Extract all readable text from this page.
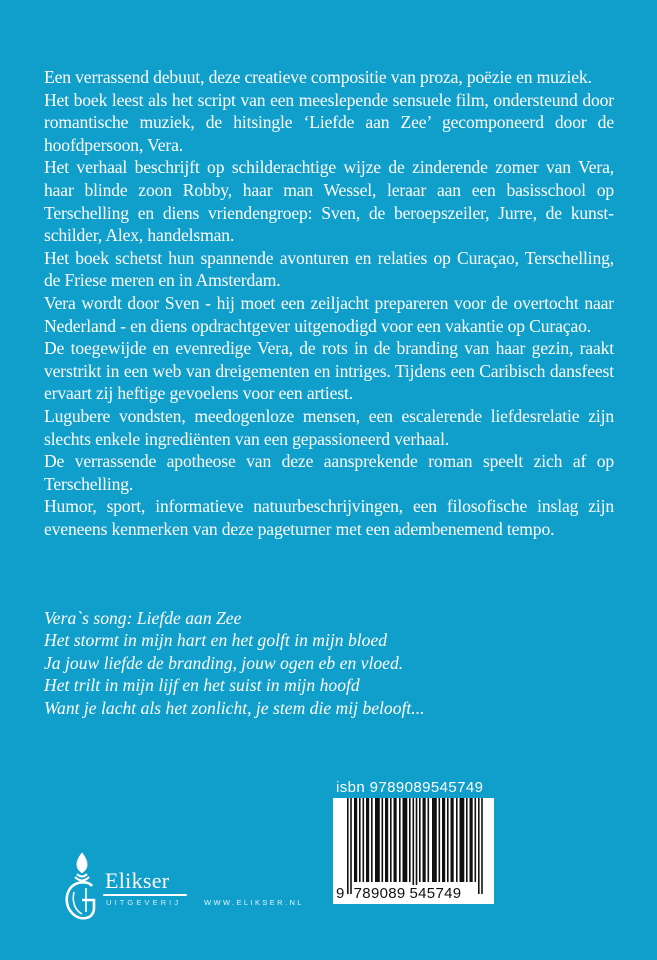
Een verrassend debuut, deze creatieve compositie van proza, poëzie en muziek.

Het boek leest als het script van een meeslepende sensuele film, ondersteund door romantische muziek, de hitsingle ‘Liefde aan Zee’ gecomponeerd door de hoofdpersoon, Vera.

Het verhaal beschrijft op schilderachtige wijze de zinderende zomer van Vera, haar blinde zoon Robby, haar man Wessel, leraar aan een basisschool op Terschelling en diens vriendengroep: Sven, de beroepszeiler, Jurre, de kunstschilder, Alex, handelsman.

Het boek schetst hun spannende avonturen en relaties op Curaçao, Terschelling, de Friese meren en in Amsterdam.

Vera wordt door Sven - hij moet een zeiljacht prepareren voor de overtocht naar Nederland - en diens opdrachtgever uitgenodigd voor een vakantie op Curaçao.

De toegewijde en evenredige Vera, de rots in de branding van haar gezin, raakt verstrikt in een web van dreigementen en intriges. Tijdens een Caribisch dansfeest ervaart zij heftige gevoelens voor een artiest.

Lugubere vondsten, meedogenloze mensen, een escalerende liefdesrelatie zijn slechts enkele ingrediënten van een gepassioneerd verhaal.

De verrassende apotheose van deze aansprekende roman speelt zich af op Terschelling.

Humor, sport, informatieve natuurbeschrijvingen, een filosofische inslag zijn eveneens kenmerken van deze pageturner met een adembenemend tempo.

Vera`s song: Liefde aan Zee
Het stormt in mijn hart en het golft in mijn bloed
Ja jouw liefde de branding, jouw ogen eb en vloed.
Het trilt in mijn lijf en het suist in mijn hoofd
Want je lacht als het zonlicht, je stem die mij belooft...
isbn 9789089545749
9 789089 545749
Elikser
UITGEVERIJ	WWW.ELIKSER.NL
